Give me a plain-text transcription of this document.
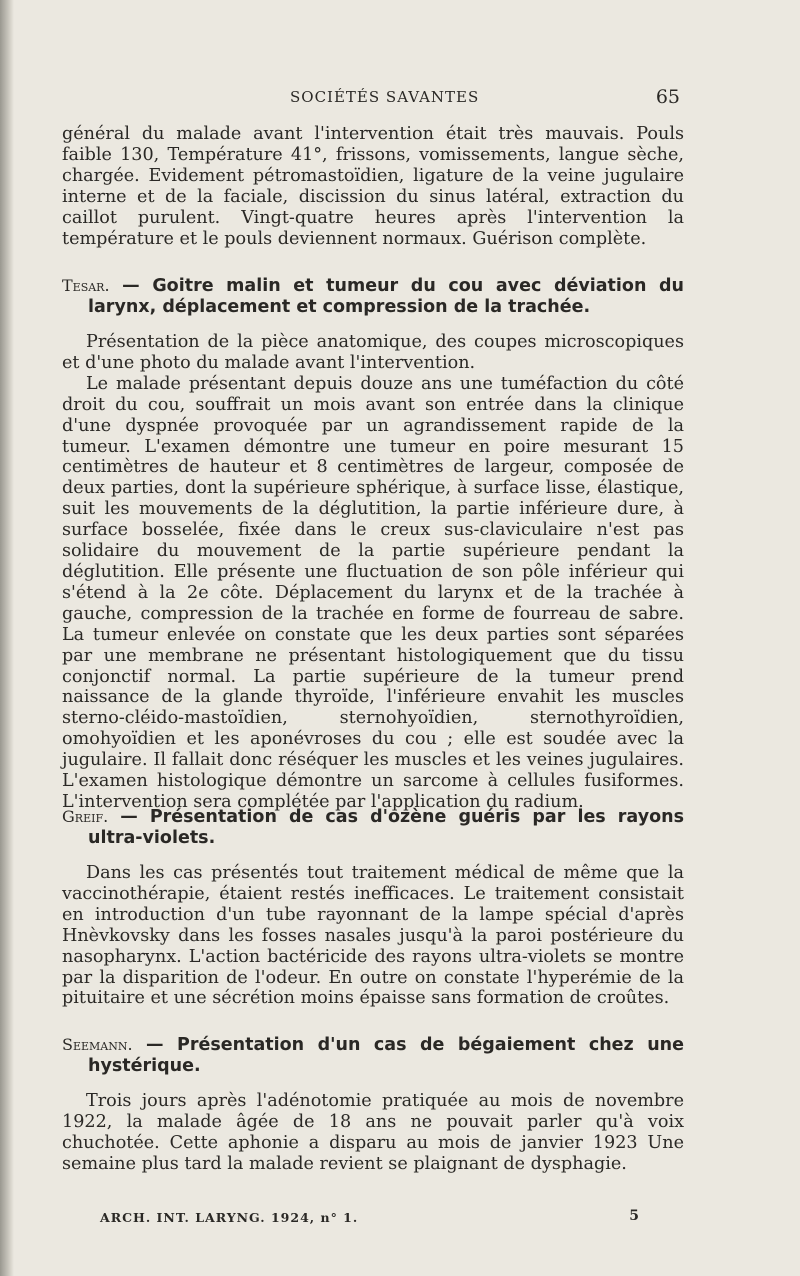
SOCIÉTÉS SAVANTES	65

général du malade avant l'intervention était très mauvais. Pouls faible 130, Température 41°, frissons, vomissements, langue sèche, chargée. Evidement pétromastoïdien, ligature de la veine jugulaire interne et de la faciale, discission du sinus latéral, extraction du caillot purulent. Vingt-quatre heures après l'intervention la température et le pouls deviennent normaux. Guérison complète.

Tesar. — Goitre malin et tumeur du cou avec déviation du larynx, déplacement et compression de la trachée.

Présentation de la pièce anatomique, des coupes microscopiques et d'une photo du malade avant l'intervention.

Le malade présentant depuis douze ans une tuméfaction du côté droit du cou, souffrait un mois avant son entrée dans la clinique d'une dyspnée provoquée par un agrandissement rapide de la tumeur. L'examen démontre une tumeur en poire mesurant 15 centimètres de hauteur et 8 centimètres de largeur, composée de deux parties, dont la supérieure sphérique, à surface lisse, élastique, suit les mouvements de la déglutition, la partie inférieure dure, à surface bosselée, fixée dans le creux sus-claviculaire n'est pas solidaire du mouvement de la partie supérieure pendant la déglutition. Elle présente une fluctuation de son pôle inférieur qui s'étend à la 2e côte. Déplacement du larynx et de la trachée à gauche, compression de la trachée en forme de fourreau de sabre. La tumeur enlevée on constate que les deux parties sont séparées par une membrane ne présentant histologiquement que du tissu conjonctif normal. La partie supérieure de la tumeur prend naissance de la glande thyroïde, l'inférieure envahit les muscles sterno-cléido-mastoïdien, sternohyoïdien, sternothyroïdien, omohyoïdien et les aponévroses du cou ; elle est soudée avec la jugulaire. Il fallait donc réséquer les muscles et les veines jugulaires. L'examen histologique démontre un sarcome à cellules fusiformes. L'intervention sera complétée par l'application du radium.

Greif. — Présentation de cas d'ozène guéris par les rayons ultra-violets.

Dans les cas présentés tout traitement médical de même que la vaccinothérapie, étaient restés inefficaces. Le traitement consistait en introduction d'un tube rayonnant de la lampe spécial d'après Hnèvkovsky dans les fosses nasales jusqu'à la paroi postérieure du nasopharynx. L'action bactéricide des rayons ultra-violets se montre par la disparition de l'odeur. En outre on constate l'hyperémie de la pituitaire et une sécrétion moins épaisse sans formation de croûtes.

Seemann. — Présentation d'un cas de bégaiement chez une hystérique.

Trois jours après l'adénotomie pratiquée au mois de novembre 1922, la malade âgée de 18 ans ne pouvait parler qu'à voix chuchotée. Cette aphonie a disparu au mois de janvier 1923 Une semaine plus tard la malade revient se plaignant de dysphagie.

ARCH. INT. LARYNG. 1924, n° 1.	5
